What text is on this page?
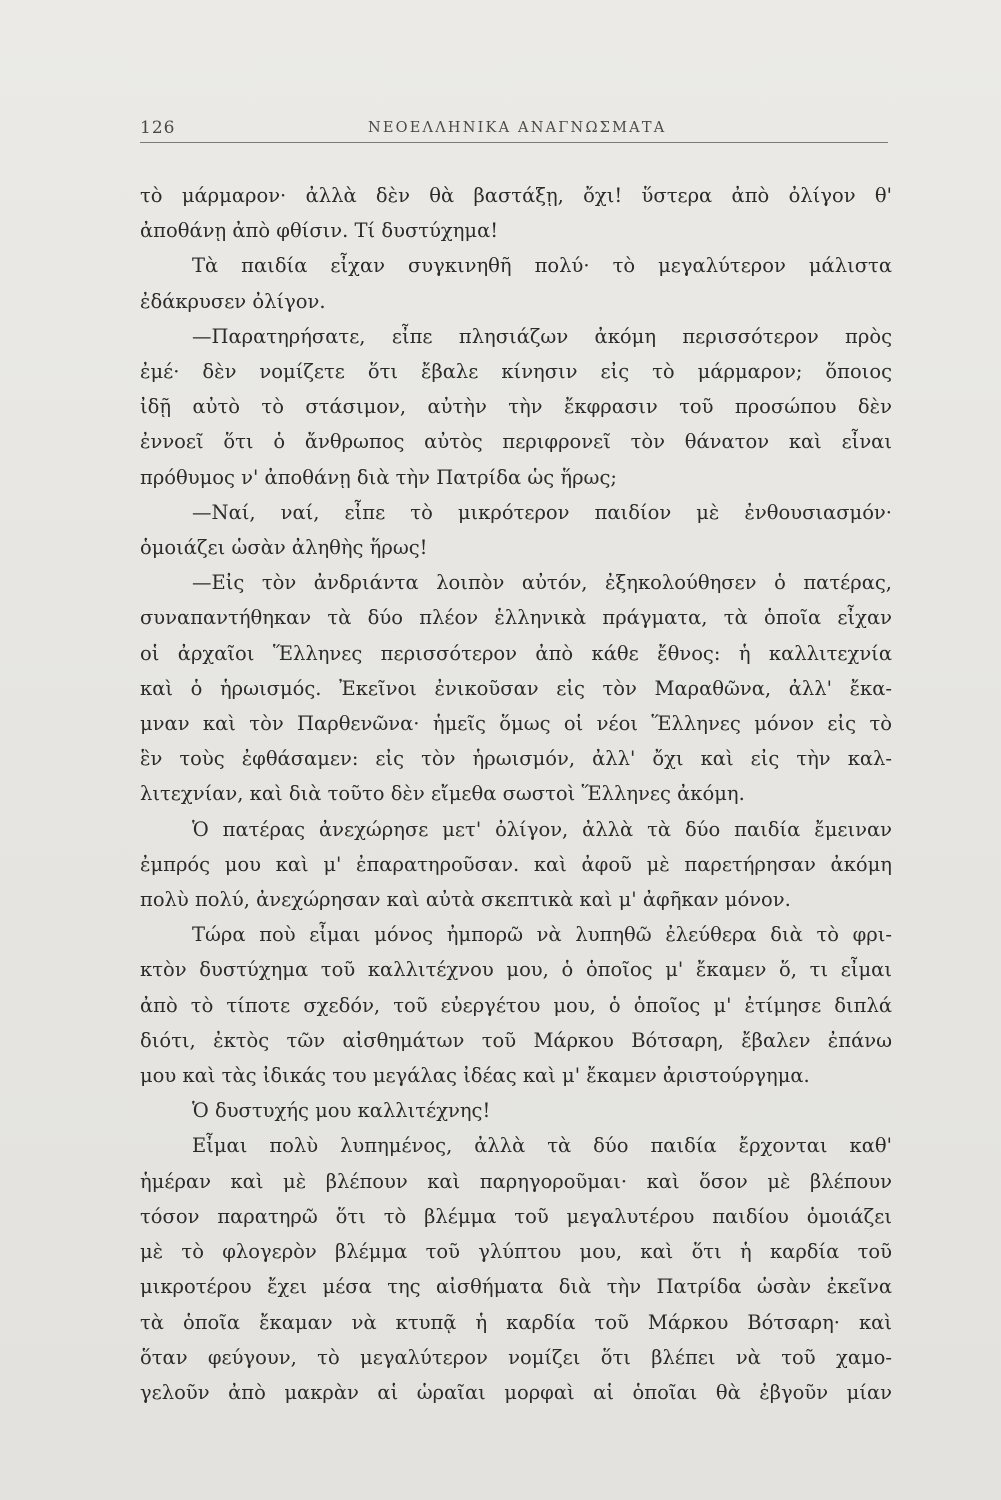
126	ΝΕΟΕΛΛΗΝΙΚΑ ΑΝΑΓΝΩΣΜΑΤΑ

τὸ μάρμαρον· ἀλλὰ δὲν θὰ βαστάξῃ, ὄχι! ὕστερα ἀπὸ ὀλίγον θ'

ἀποθάνῃ ἀπὸ φθίσιν. Τί δυστύχημα!

Τὰ παιδία εἶχαν συγκινηθῆ πολύ· τὸ μεγαλύτερον μάλιστα

ἐδάκρυσεν ὀλίγον.

—Παρατηρήσατε, εἶπε πλησιάζων ἀκόμη περισσότερον πρὸς

ἐμέ· δὲν νομίζετε ὅτι ἔβαλε κίνησιν εἰς τὸ μάρμαρον; ὅποιος

ἰδῇ αὐτὸ τὸ στάσιμον, αὐτὴν τὴν ἔκφρασιν τοῦ προσώπου δὲν

ἐννοεῖ ὅτι ὁ ἄνθρωπος αὐτὸς περιφρονεῖ τὸν θάνατον καὶ εἶναι

πρόθυμος ν' ἀποθάνῃ διὰ τὴν Πατρίδα ὡς ἥρως;

—Ναί, ναί, εἶπε τὸ μικρότερον παιδίον μὲ ἐνθουσιασμόν·

ὁμοιάζει ὡσὰν ἀληθὴς ἥρως!

—Εἰς τὸν ἀνδριάντα λοιπὸν αὐτόν, ἐξηκολούθησεν ὁ πατέρας,

συναπαντήθηκαν τὰ δύο πλέον ἑλληνικὰ πράγματα, τὰ ὁποῖα εἶχαν

οἱ ἀρχαῖοι Ἕλληνες περισσότερον ἀπὸ κάθε ἔθνος: ἡ καλλιτεχνία

καὶ ὁ ἡρωισμός. Ἐκεῖνοι ἐνικοῦσαν εἰς τὸν Μαραθῶνα, ἀλλ' ἔκα-

μναν καὶ τὸν Παρθενῶνα· ἡμεῖς ὅμως οἱ νέοι Ἕλληνες μόνον εἰς τὸ

ἓν τοὺς ἐφθάσαμεν: εἰς τὸν ἡρωισμόν, ἀλλ' ὄχι καὶ εἰς τὴν καλ-

λιτεχνίαν, καὶ διὰ τοῦτο δὲν εἴμεθα σωστοὶ Ἕλληνες ἀκόμη.

Ὁ πατέρας ἀνεχώρησε μετ' ὀλίγον, ἀλλὰ τὰ δύο παιδία ἔμειναν

ἐμπρός μου καὶ μ' ἐπαρατηροῦσαν. καὶ ἀφοῦ μὲ παρετήρησαν ἀκόμη

πολὺ πολύ, ἀνεχώρησαν καὶ αὐτὰ σκεπτικὰ καὶ μ' ἀφῆκαν μόνον.

Τώρα ποὺ εἶμαι μόνος ἠμπορῶ νὰ λυπηθῶ ἐλεύθερα διὰ τὸ φρι-

κτὸν δυστύχημα τοῦ καλλιτέχνου μου, ὁ ὁποῖος μ' ἔκαμεν ὅ, τι εἶμαι

ἀπὸ τὸ τίποτε σχεδόν, τοῦ εὐεργέτου μου, ὁ ὁποῖος μ' ἐτίμησε διπλά

διότι, ἐκτὸς τῶν αἰσθημάτων τοῦ Μάρκου Βότσαρη, ἔβαλεν ἐπάνω

μου καὶ τὰς ἰδικάς του μεγάλας ἰδέας καὶ μ' ἔκαμεν ἀριστούργημα.

Ὁ δυστυχής μου καλλιτέχνης!

Εἶμαι πολὺ λυπημένος, ἀλλὰ τὰ δύο παιδία ἔρχονται καθ'

ἡμέραν καὶ μὲ βλέπουν καὶ παρηγοροῦμαι· καὶ ὅσον μὲ βλέπουν

τόσον παρατηρῶ ὅτι τὸ βλέμμα τοῦ μεγαλυτέρου παιδίου ὁμοιάζει

μὲ τὸ φλογερὸν βλέμμα τοῦ γλύπτου μου, καὶ ὅτι ἡ καρδία τοῦ

μικροτέρου ἔχει μέσα της αἰσθήματα διὰ τὴν Πατρίδα ὡσὰν ἐκεῖνα

τὰ ὁποῖα ἔκαμαν νὰ κτυπᾷ ἡ καρδία τοῦ Μάρκου Βότσαρη· καὶ

ὅταν φεύγουν, τὸ μεγαλύτερον νομίζει ὅτι βλέπει νὰ τοῦ χαμο-

γελοῦν ἀπὸ μακρὰν αἱ ὡραῖαι μορφαὶ αἱ ὁποῖαι θὰ ἐβγοῦν μίαν
